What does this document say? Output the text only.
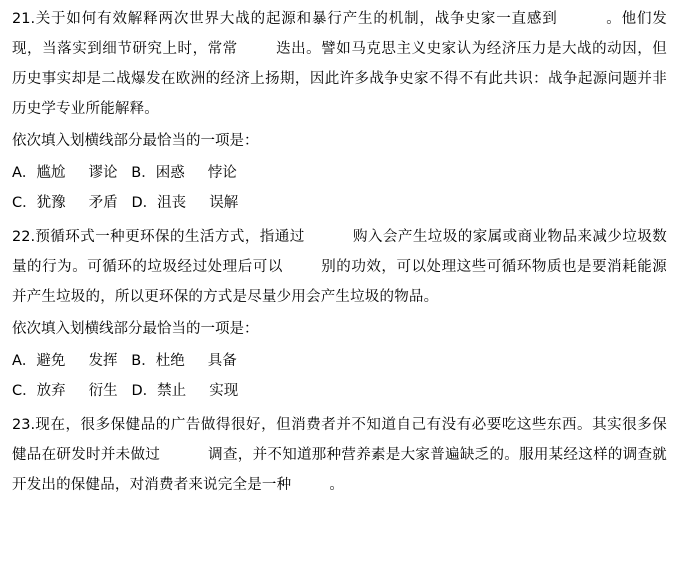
21.关于如何有效解释两次世界大战的起源和暴行产生的机制，战争史家一直感到	。他们发现，当落实到细节研究上时，常常	迭出。譬如马克思主义史家认为经济压力是大战的动因，但历史事实却是二战爆发在欧洲的经济上扬期，因此许多战争史家不得不有此共识：战争起源问题并非历史学专业所能解释。

依次填入划横线部分最恰当的一项是：

A．尴尬     谬论   B．困惑     悖论

C．犹豫     矛盾   D．沮丧     误解

22.预循环式一种更环保的生活方式，指通过	购入会产生垃圾的家属或商业物品来减少垃圾数量的行为。可循环的垃圾经过处理后可以	别的功效，可以处理这些可循环物质也是要消耗能源并产生垃圾的，所以更环保的方式是尽量少用会产生垃圾的物品。

依次填入划横线部分最恰当的一项是：

A．避免     发挥   B．杜绝     具备

C．放弃     衍生   D．禁止     实现

23.现在，很多保健品的广告做得很好，但消费者并不知道自己有没有必要吃这些东西。其实很多保健品在研发时并未做过	调查，并不知道那种营养素是大家普遍缺乏的。服用某经这样的调查就开发出的保健品，对消费者来说完全是一种	。
